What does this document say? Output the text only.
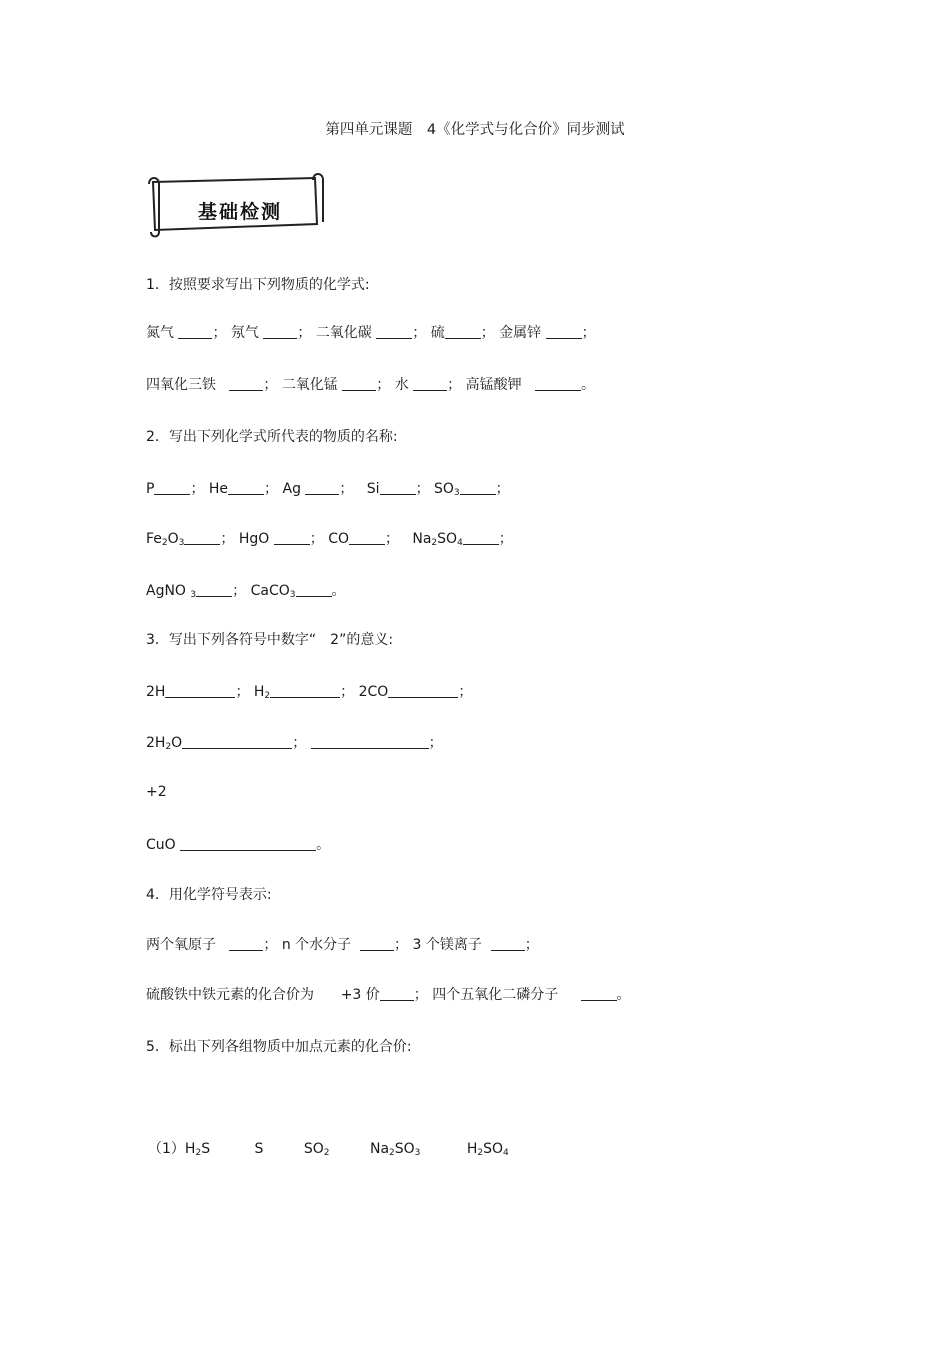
第四单元课题　4《化学式与化合价》同步测试
基础检测
1．按照要求写出下列物质的化学式:
氮气	； 氖气	； 二氧化碳	； 硫	； 金属锌	；
四氧化三铁	； 二氧化锰	； 水	； 高锰酸钾	。
2．写出下列化学式所代表的物质的名称:
P	； He	； Ag	；   Si	； $SO_3$	；
$Fe_2O_3$	； HgO	； CO	；   $Na_2SO_4$	；
AgNO $_3$	； CaCO$_3$	。
3．写出下列各符号中数字“　2”的意义:
2H	； $H_2$	； 2CO	；
$2H_2O$	；	；
+2
CuO	。
4．用化学符号表示:
两个氧原子	； n 个水分子	； 3 个镁离子	；
硫酸铁中铁元素的化合价为 +3 价 ； 四个五氧化二磷分子	。
5．标出下列各组物质中加点元素的化合价:
$(1)H_2S$	S	$SO_2$	$Na_2SO_3$	$H_2SO_4$
